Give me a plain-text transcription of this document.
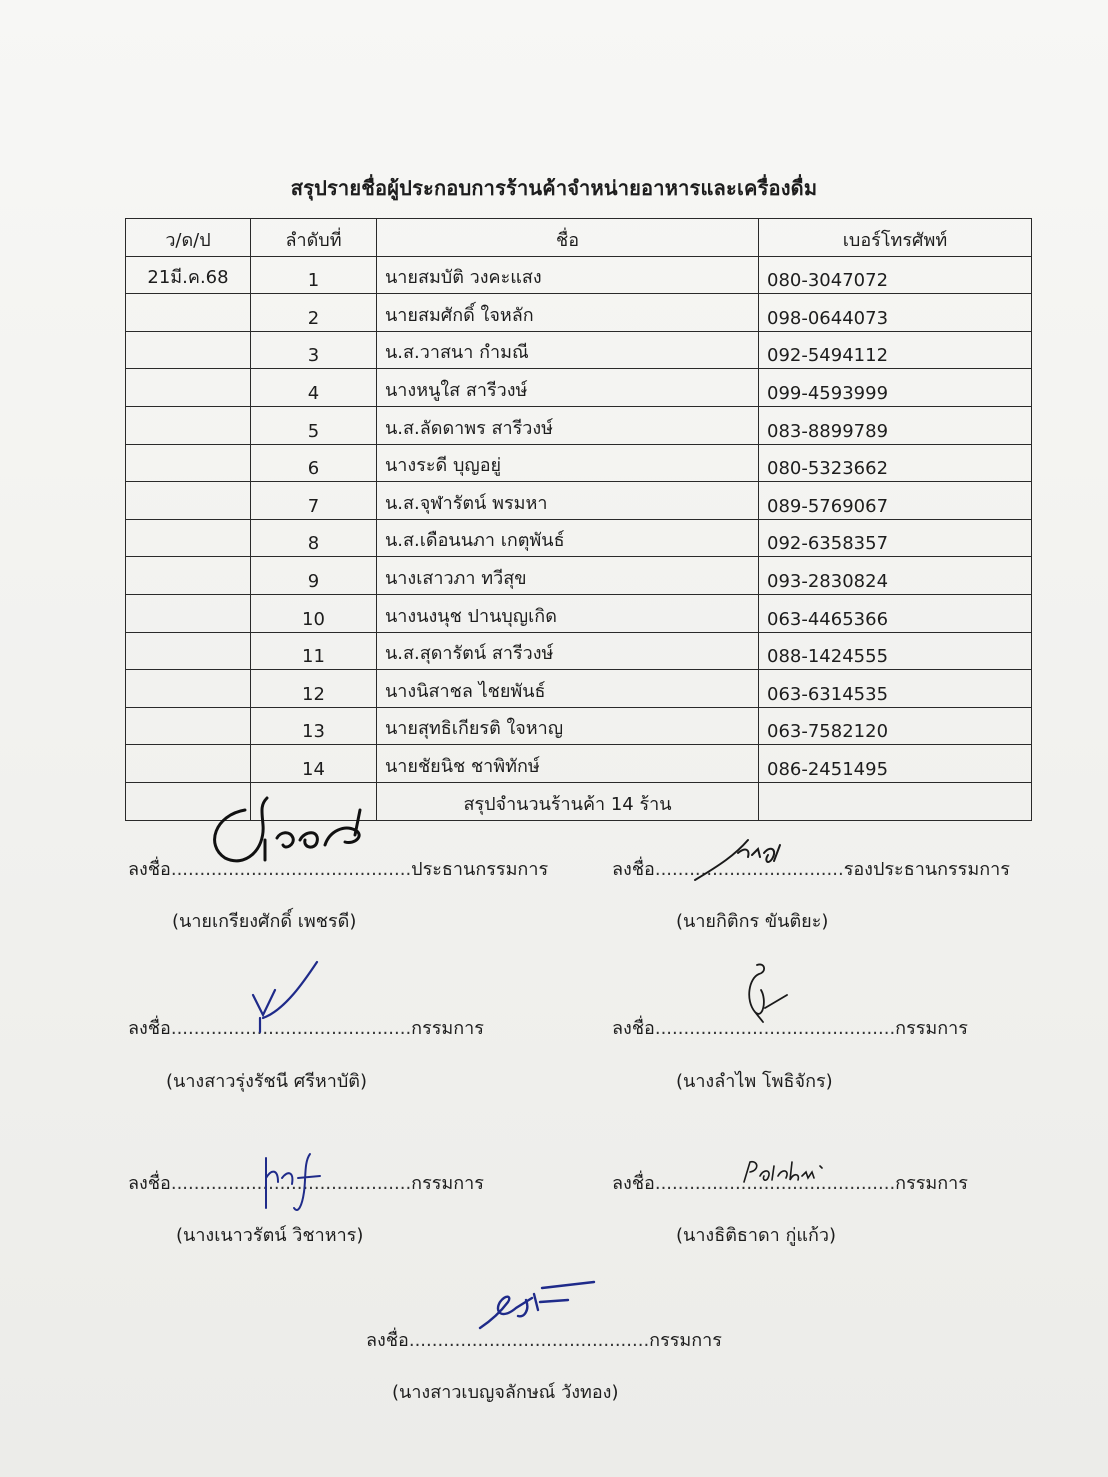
สรุปรายชื่อผู้ประกอบการร้านค้าจำหน่ายอาหารและเครื่องดื่ม
ว/ด/ป	ลำดับที่	ชื่อ	เบอร์โทรศัพท์
21มี.ค.68	1	นายสมบัติ วงคะแสง	080-3047072
	2	นายสมศักดิ์ ใจหลัก	098-0644073
	3	น.ส.วาสนา กำมณี	092-5494112
	4	นางหนูใส สารีวงษ์	099-4593999
	5	น.ส.ลัดดาพร สารีวงษ์	083-8899789
	6	นางระดี บุญอยู่	080-5323662
	7	น.ส.จุฬารัตน์ พรมหา	089-5769067
	8	น.ส.เดือนนภา เกตุพันธ์	092-6358357
	9	นางเสาวภา ทวีสุข	093-2830824
	10	นางนงนุช ปานบุญเกิด	063-4465366
	11	น.ส.สุดารัตน์ สารีวงษ์	088-1424555
	12	นางนิสาชล ไชยพันธ์	063-6314535
	13	นายสุทธิเกียรติ ใจหาญ	063-7582120
	14	นายชัยนิช ชาพิทักษ์	086-2451495
		สรุปจำนวนร้านค้า 14 ร้าน	
ลงชื่อ..........................................ประธานกรรมการ
(นายเกรียงศักดิ์ เพชรดี)
ลงชื่อ.................................รองประธานกรรมการ
(นายกิติกร ขันติยะ)
ลงชื่อ..........................................กรรมการ
(นางสาวรุ่งรัชนี ศรีหาบัติ)
ลงชื่อ..........................................กรรมการ
(นางลำไพ โพธิจักร)
ลงชื่อ..........................................กรรมการ
(นางเนาวรัตน์ วิชาหาร)
ลงชื่อ..........................................กรรมการ
(นางธิติธาดา กู่แก้ว)
ลงชื่อ..........................................กรรมการ
(นางสาวเบญจลักษณ์ วังทอง)
